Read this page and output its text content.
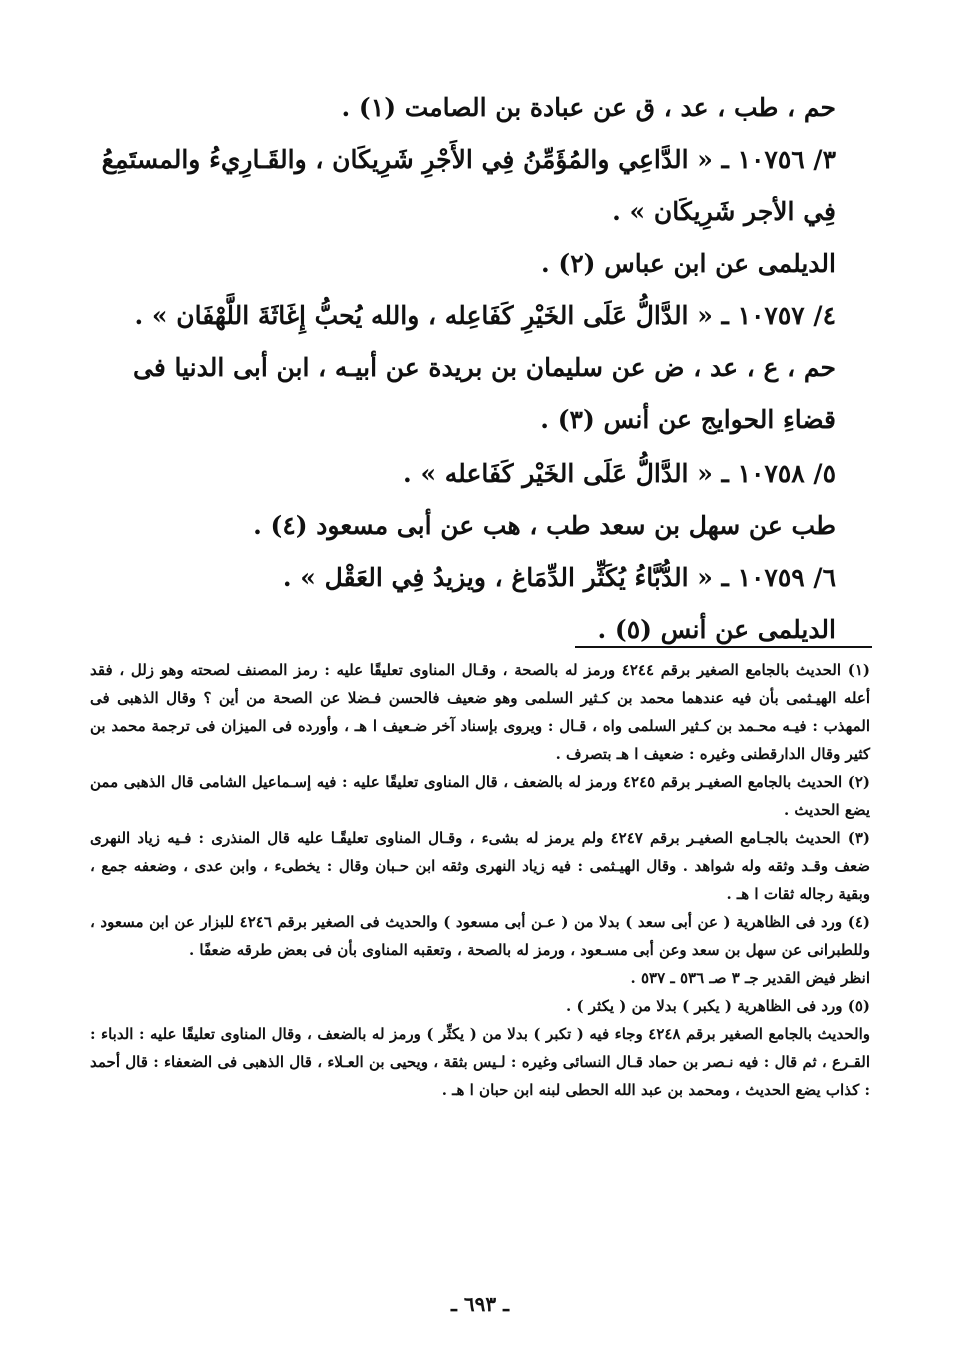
حم ، طب ، عد ، ق عن عبادة بن الصامت (١) .

٣/ ١٠٧٥٦ ـ « الدَّاعِي والمُؤَمِّنُ فِي الأَجْرِ شَرِيكَان ، والقَـارِيءُ والمستَمِعُ فِي الأجر شَرِيكَان » .

الديلمى عن ابن عباس (٢) .

٤/ ١٠٧٥٧ ـ « الدَّالُّ عَلَى الخَيْرِ كَفَاعِله ، والله يُحبُّ إِغَاثَةَ اللَّهْفَان » .

حم ، ع ، عد ، ض عن سليمان بن بريدة عن أبيـه ، ابن أبى الدنيا فى قضاءِ الحوايج عن أنس (٣) .

٥/ ١٠٧٥٨ ـ « الدَّالُّ عَلَى الخَيْر كَفَاعله » .

طب عن سهل بن سعد طب ، هب عن أبى مسعود (٤) .

٦/ ١٠٧٥٩ ـ « الدُّبَّاءُ يُكَثِّر الدِّمَاغ ، ويزيدُ فِي العَقْل » .

الديلمى عن أنس (٥) .

(١) الحديث بالجامع الصغير برقم ٤٢٤٤ ورمز له بالصحة ، وقـال المناوى تعليقًا عليه : رمز المصنف لصحته وهو زلل ، فقد أعله الهيـثمى بأن فيه عندهما محمد بن كـثير السلمى وهو ضعيف فالحسن فـضلا عن الصحة من أين ؟ وقال الذهبى فى المهذب : فيـه محـمد بن كـثير السلمى واه ، قـال : ويروى بإسناد آخر ضـعيف ا هـ ، وأورده فى الميزان فى ترجمة محمد بن كثير وقال الدارقطنى وغيره : ضعيف ا هـ بتصرف .

(٢) الحديث بالجامع الصغيـر برقم ٤٢٤٥ ورمز له بالضعف ، قال المناوى تعليقًا عليه : فيه إسـماعيل الشامى قال الذهبى ممن يضع الحديث .

(٣) الحديث بالجـامع الصغيـر برقم ٤٢٤٧ ولم يرمز له بشىء ، وقـال المناوى تعليقًـا عليه قال المنذرى : فـيه زياد النهرى ضعف وقـد وثقه وله شواهد . وقال الهيـثمى : فيه زياد النهرى وثقه ابن حـبان وقال : يخطىء ، وابن عدى ، وضعفه جمع ، وبقية رجاله ثقات ا هـ .

(٤) ورد فى الظاهرية ( عن أبى سعد ) بدلا من ( عـن أبى مسعود ) والحديث فى الصغير برقم ٤٢٤٦ للبزار عن ابن مسعود ، وللطبرانى عن سهل بن سعد وعن أبى مسـعود ، ورمز له بالصحة ، وتعقبه المناوى بأن فى بعض طرقه ضعفًا .

انظر فيض القدير جـ ٣ صـ ٥٣٦ ـ ٥٣٧ .

(٥) ورد فى الظاهرية ( يكبر ) بدلا من ( يكثر ) .

والحديث بالجامع الصغير برقم ٤٢٤٨ وجاء فيه ( تكبر ) بدلا من ( يكثِّر ) ورمز له بالضعف ، وقال المناوى تعليقًا عليه : الدباء : القـرع ، ثم قال : فيه نـصر بن حماد قـال النسائى وغيره : لـيس بثقة ، ويحيى بن العـلاء ، قال الذهبى فى الضعفاء : قال أحمد : كذاب يضع الحديث ، ومحمد بن عبد الله الحطى لبنه ابن حبان ا هـ .

ـ ٦٩٣ ـ
